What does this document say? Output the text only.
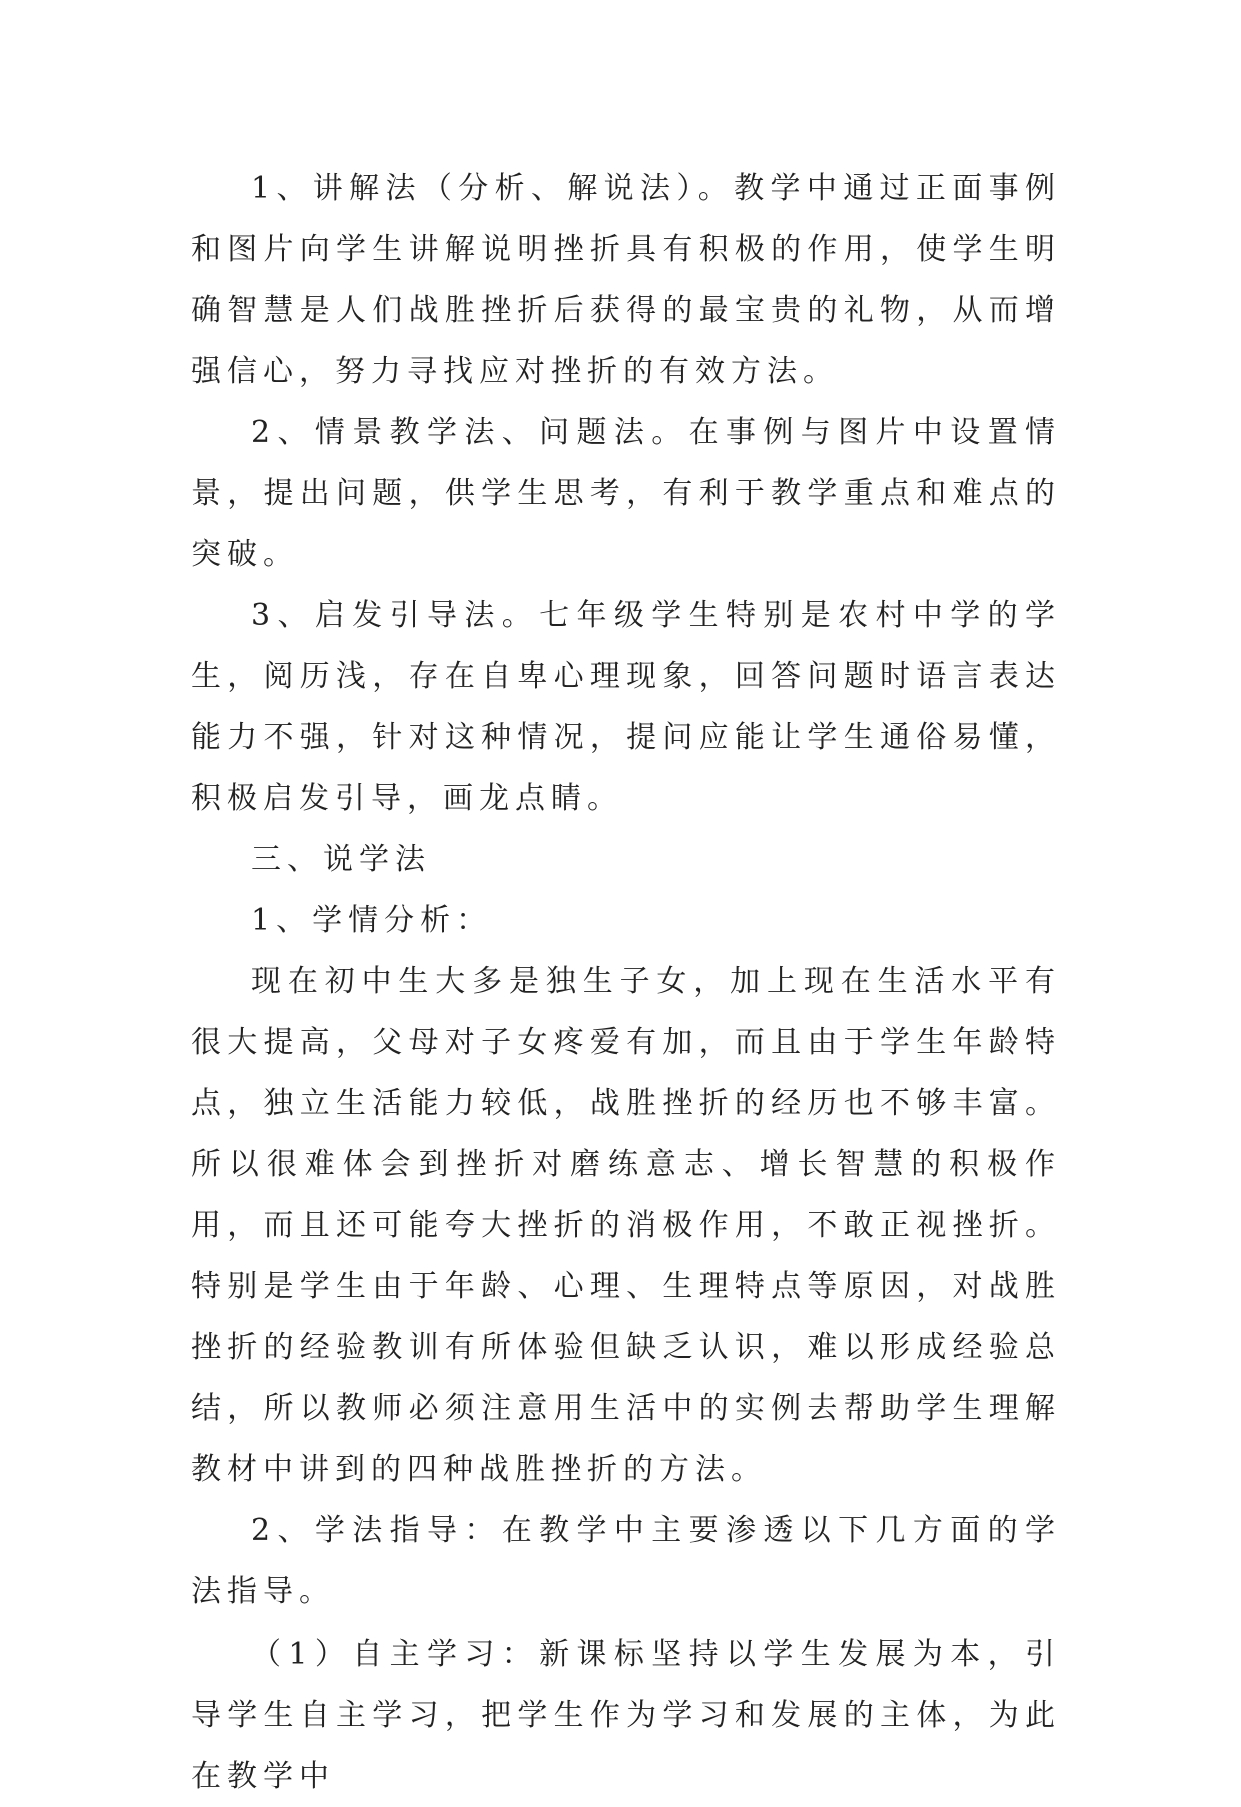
1、讲解法（分析、解说法）。教学中通过正面事例和图片向学生讲解说明挫折具有积极的作用，使学生明确智慧是人们战胜挫折后获得的最宝贵的礼物，从而增强信心，努力寻找应对挫折的有效方法。

2、情景教学法、问题法。在事例与图片中设置情景，提出问题，供学生思考，有利于教学重点和难点的突破。

3、启发引导法。七年级学生特别是农村中学的学生，阅历浅，存在自卑心理现象，回答问题时语言表达能力不强，针对这种情况，提问应能让学生通俗易懂，积极启发引导，画龙点睛。

三、说学法

1、学情分析：

现在初中生大多是独生子女，加上现在生活水平有很大提高，父母对子女疼爱有加，而且由于学生年龄特点，独立生活能力较低，战胜挫折的经历也不够丰富。所以很难体会到挫折对磨练意志、增长智慧的积极作用，而且还可能夸大挫折的消极作用，不敢正视挫折。特别是学生由于年龄、心理、生理特点等原因，对战胜挫折的经验教训有所体验但缺乏认识，难以形成经验总结，所以教师必须注意用生活中的实例去帮助学生理解教材中讲到的四种战胜挫折的方法。

2、学法指导：在教学中主要渗透以下几方面的学法指导。

（1）自主学习：新课标坚持以学生发展为本，引导学生自主学习，把学生作为学习和发展的主体，为此在教学中
